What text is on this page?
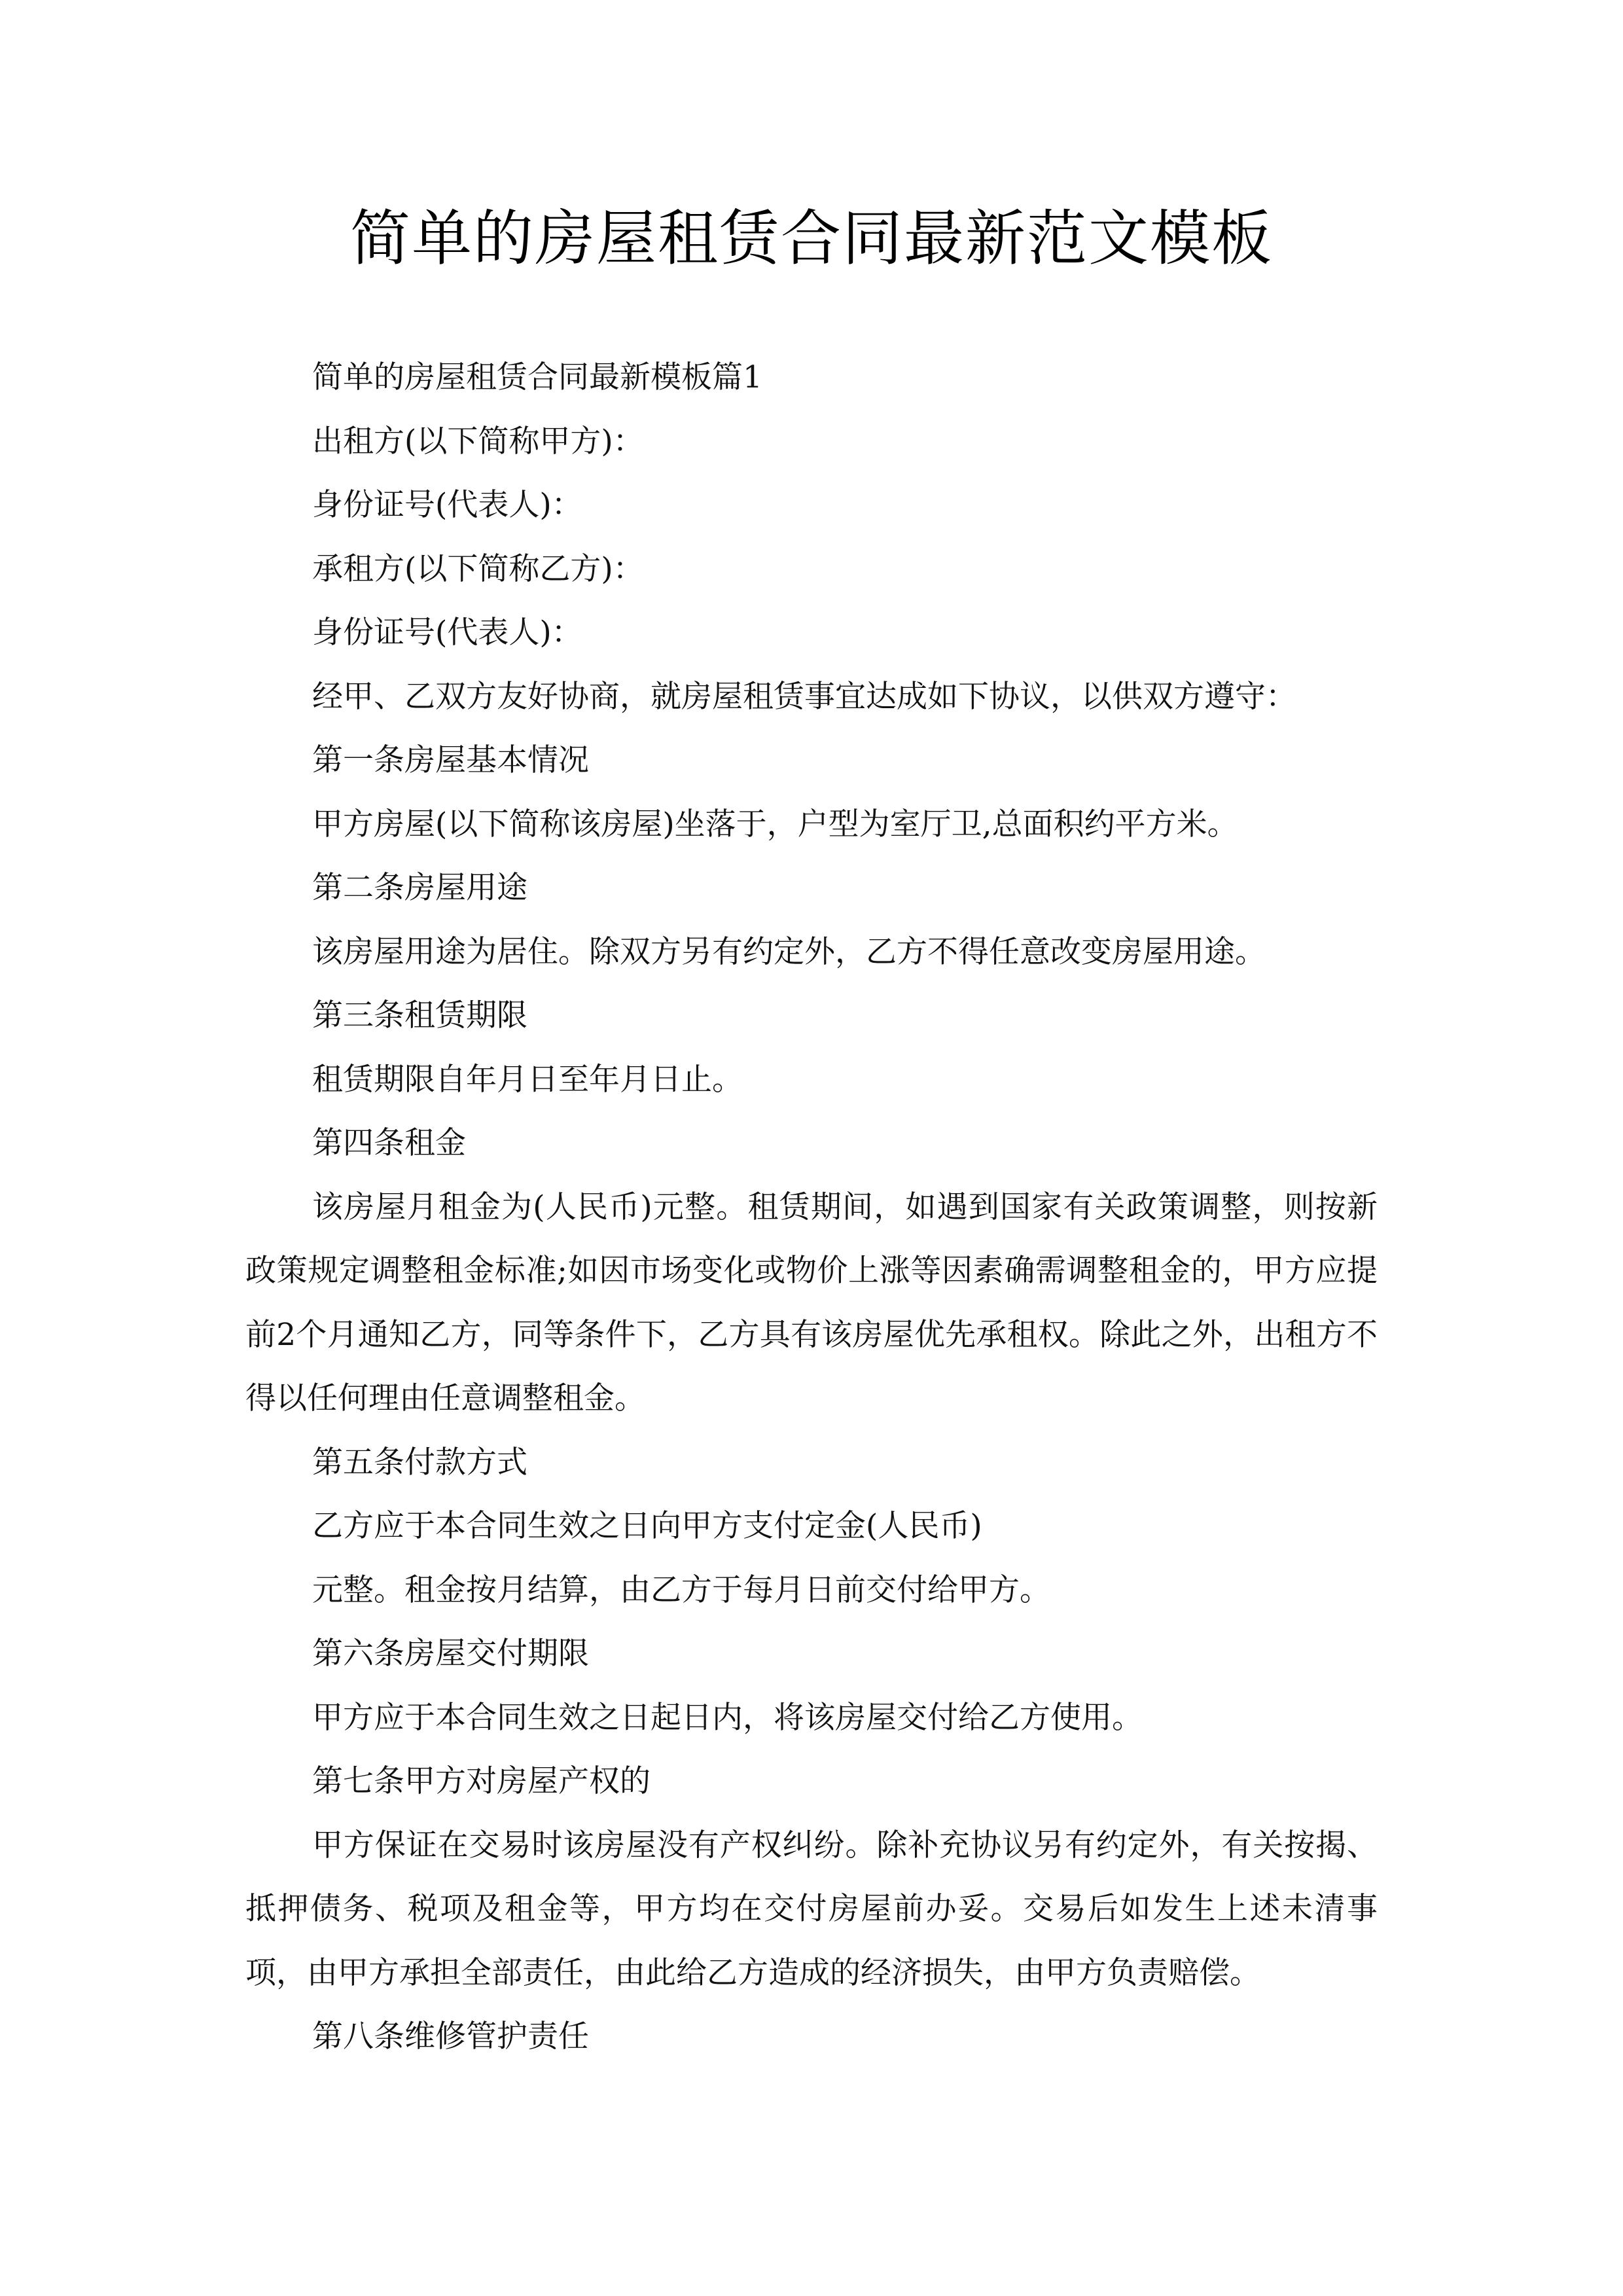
简单的房屋租赁合同最新范文模板

简单的房屋租赁合同最新模板篇1

出租方(以下简称甲方)：

身份证号(代表人)：

承租方(以下简称乙方)：

身份证号(代表人)：

经甲、乙双方友好协商，就房屋租赁事宜达成如下协议，以供双方遵守：

第一条房屋基本情况

甲方房屋(以下简称该房屋)坐落于，户型为室厅卫,总面积约平方米。

第二条房屋用途

该房屋用途为居住。除双方另有约定外，乙方不得任意改变房屋用途。

第三条租赁期限

租赁期限自年月日至年月日止。

第四条租金

该房屋月租金为(人民币)元整。租赁期间，如遇到国家有关政策调整，则按新政策规定调整租金标准;如因市场变化或物价上涨等因素确需调整租金的，甲方应提前2个月通知乙方，同等条件下，乙方具有该房屋优先承租权。除此之外，出租方不得以任何理由任意调整租金。

第五条付款方式

乙方应于本合同生效之日向甲方支付定金(人民币)

元整。租金按月结算，由乙方于每月日前交付给甲方。

第六条房屋交付期限

甲方应于本合同生效之日起日内，将该房屋交付给乙方使用。

第七条甲方对房屋产权的

甲方保证在交易时该房屋没有产权纠纷。除补充协议另有约定外，有关按揭、抵押债务、税项及租金等，甲方均在交付房屋前办妥。交易后如发生上述未清事项，由甲方承担全部责任，由此给乙方造成的经济损失，由甲方负责赔偿。

第八条维修管护责任
